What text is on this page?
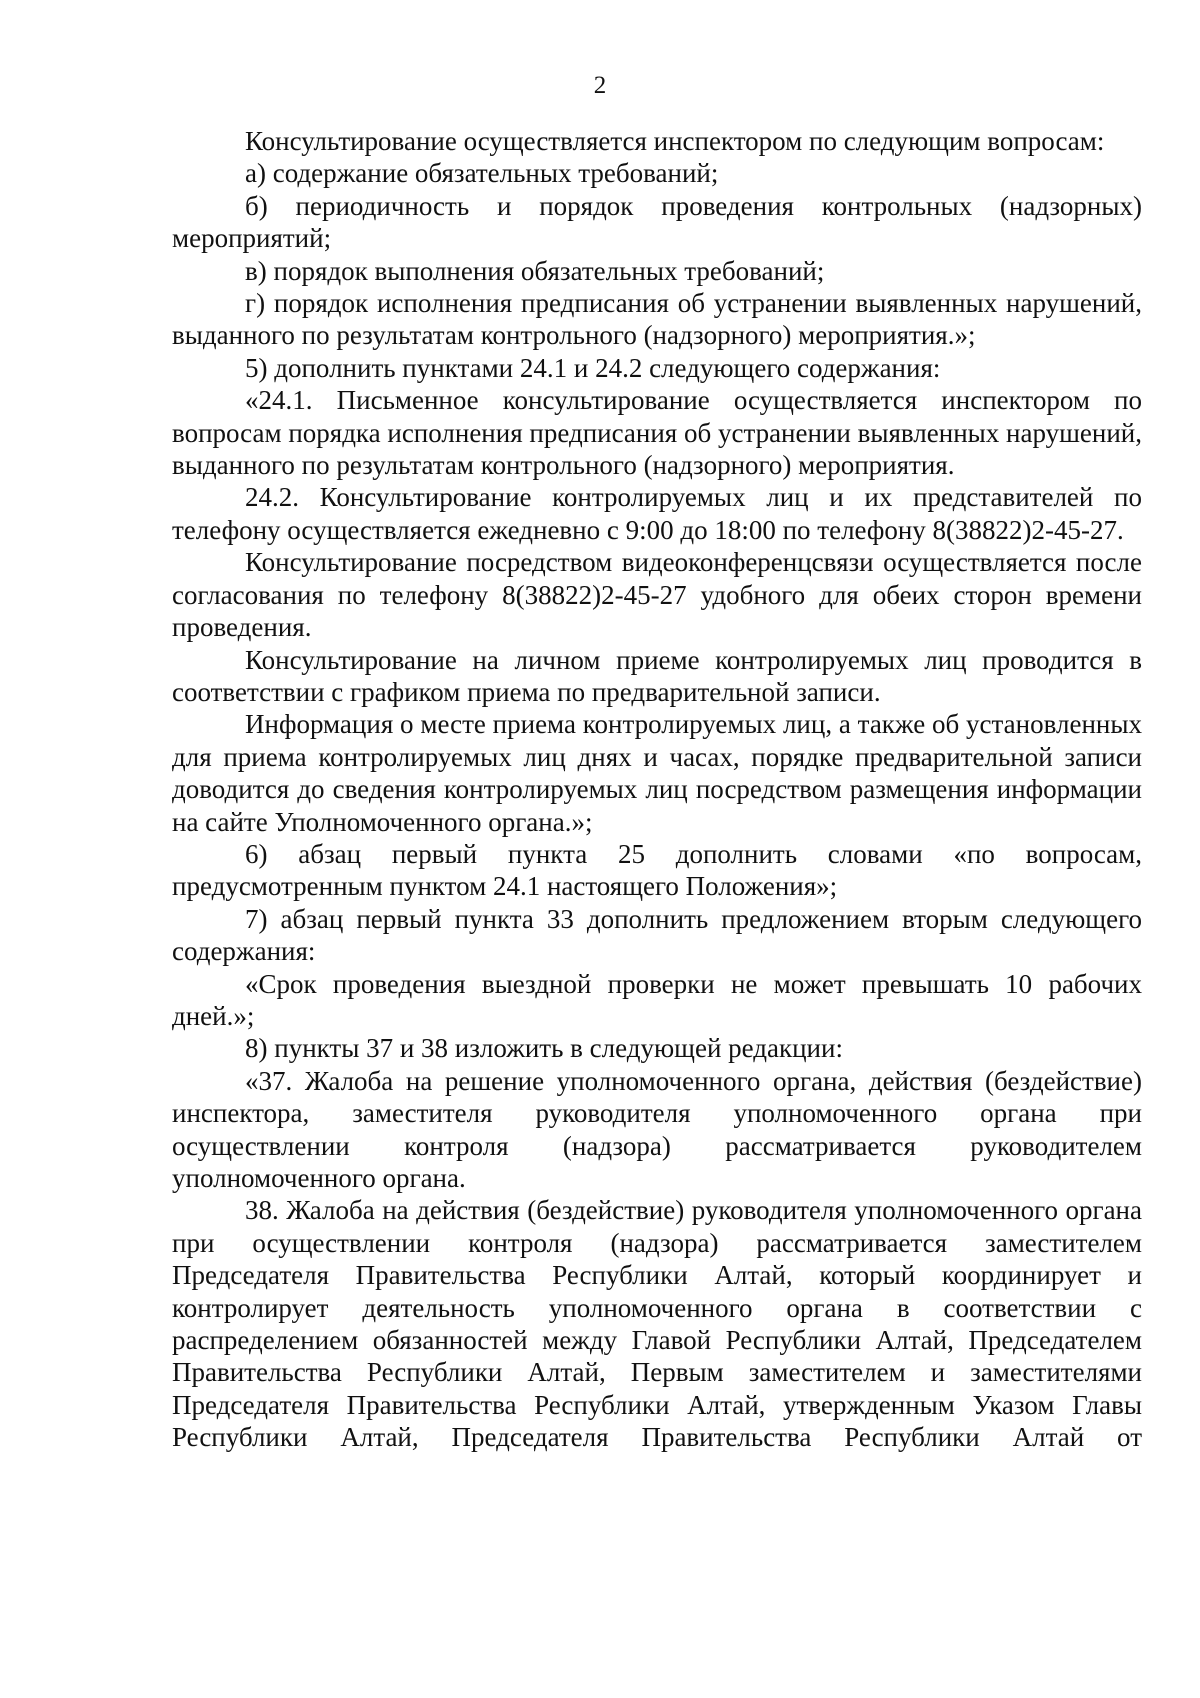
2

Консультирование осуществляется инспектором по следующим вопросам:

а) содержание обязательных требований;

б) периодичность и порядок проведения контрольных (надзорных) мероприятий;

в) порядок выполнения обязательных требований;

г) порядок исполнения предписания об устранении выявленных нарушений, выданного по результатам контрольного (надзорного) мероприятия.»;

5) дополнить пунктами 24.1 и 24.2 следующего содержания:

«24.1. Письменное консультирование осуществляется инспектором по вопросам порядка исполнения предписания об устранении выявленных нарушений, выданного по результатам контрольного (надзорного) мероприятия.

24.2. Консультирование контролируемых лиц и их представителей по телефону осуществляется ежедневно с 9:00 до 18:00 по телефону 8(38822)2-45-27.

Консультирование посредством видеоконференцсвязи осуществляется после согласования по телефону 8(38822)2-45-27 удобного для обеих сторон времени проведения.

Консультирование на личном приеме контролируемых лиц проводится в соответствии с графиком приема по предварительной записи.

Информация о месте приема контролируемых лиц, а также об установленных для приема контролируемых лиц днях и часах, порядке предварительной записи доводится до сведения контролируемых лиц посредством размещения информации на сайте Уполномоченного органа.»;

6) абзац первый пункта 25 дополнить словами «по вопросам, предусмотренным пунктом 24.1 настоящего Положения»;

7) абзац первый пункта 33 дополнить предложением вторым следующего содержания:

«Срок проведения выездной проверки не может превышать 10 рабочих дней.»;

8) пункты 37 и 38 изложить в следующей редакции:

«37. Жалоба на решение уполномоченного органа, действия (бездействие) инспектора, заместителя руководителя уполномоченного органа при осуществлении контроля (надзора) рассматривается руководителем уполномоченного органа.

38. Жалоба на действия (бездействие) руководителя уполномоченного органа при осуществлении контроля (надзора) рассматривается заместителем Председателя Правительства Республики Алтай, который координирует и контролирует деятельность уполномоченного органа в соответствии с распределением обязанностей между Главой Республики Алтай, Председателем Правительства Республики Алтай, Первым заместителем и заместителями Председателя Правительства Республики Алтай, утвержденным Указом Главы Республики Алтай, Председателя Правительства Республики Алтай от
